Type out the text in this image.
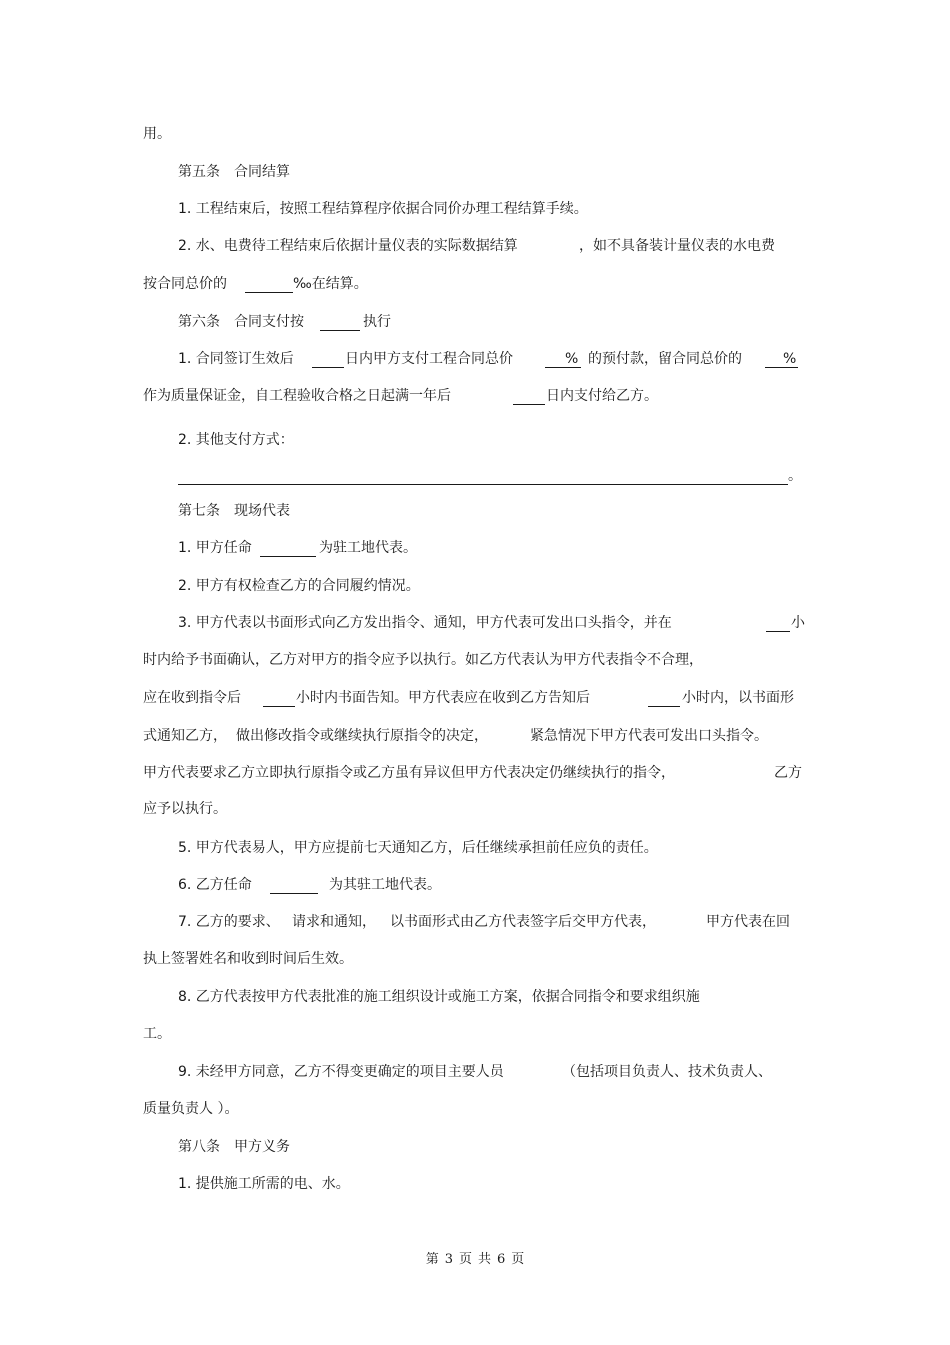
用。
第五条　合同结算
1. 工程结束后，按照工程结算程序依据合同价办理工程结算手续。
2. 水、电费待工程结束后依据计量仪表的实际数据结算	，如不具备装计量仪表的水电费
按合同总价的	‰在结算。
第六条　合同支付按	执行
1. 合同签订生效后	日内甲方支付工程合同总价	% 的预付款，留合同总价的	%
作为质量保证金，自工程验收合格之日起满一年后	日内支付给乙方。
2. 其他支付方式：
。
第七条　现场代表
1. 甲方任命	为驻工地代表。
2. 甲方有权检查乙方的合同履约情况。
3. 甲方代表以书面形式向乙方发出指令、通知，甲方代表可发出口头指令，并在	小
时内给予书面确认，乙方对甲方的指令应予以执行。如乙方代表认为甲方代表指令不合理，
应在收到指令后	小时内书面告知。甲方代表应在收到乙方告知后	小时内，以书面形
式通知乙方， 做出修改指令或继续执行原指令的决定，	紧急情况下甲方代表可发出口头指令。
甲方代表要求乙方立即执行原指令或乙方虽有异议但甲方代表决定仍继续执行的指令，	乙方
应予以执行。
5. 甲方代表易人，甲方应提前七天通知乙方，后任继续承担前任应负的责任。
6. 乙方任命	为其驻工地代表。
7. 乙方的要求、 请求和通知， 以书面形式由乙方代表签字后交甲方代表，	甲方代表在回
执上签署姓名和收到时间后生效。
8. 乙方代表按甲方代表批准的施工组织设计或施工方案，依据合同指令和要求组织施
工。
9. 未经甲方同意，乙方不得变更确定的项目主要人员	（包括项目负责人、技术负责人、
质量负责人 ）。
第八条　甲方义务
1. 提供施工所需的电、水。
第 3 页 共 6 页
